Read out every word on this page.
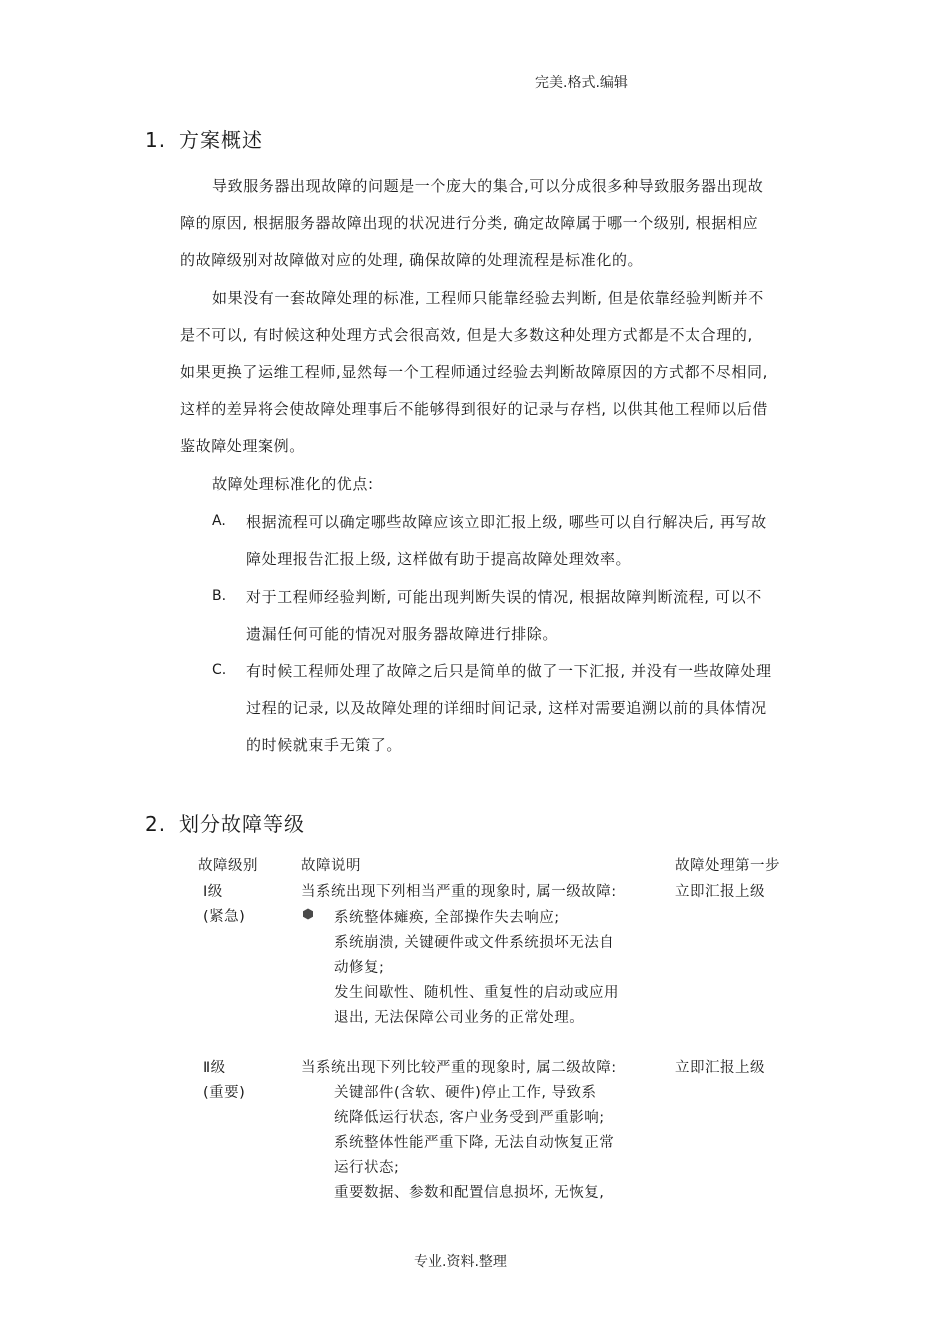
完美.格式.编辑
1. 方案概述
导致服务器出现故障的问题是一个庞大的集合,可以分成很多种导致服务器出现故
障的原因, 根据服务器故障出现的状况进行分类, 确定故障属于哪一个级别, 根据相应
的故障级别对故障做对应的处理, 确保故障的处理流程是标准化的。
如果没有一套故障处理的标准, 工程师只能靠经验去判断, 但是依靠经验判断并不
是不可以, 有时候这种处理方式会很高效, 但是大多数这种处理方式都是不太合理的,
如果更换了运维工程师,显然每一个工程师通过经验去判断故障原因的方式都不尽相同,
这样的差异将会使故障处理事后不能够得到很好的记录与存档, 以供其他工程师以后借
鉴故障处理案例。
故障处理标准化的优点:
A. 根据流程可以确定哪些故障应该立即汇报上级, 哪些可以自行解决后, 再写故
障处理报告汇报上级, 这样做有助于提高故障处理效率。
B. 对于工程师经验判断, 可能出现判断失误的情况, 根据故障判断流程, 可以不
遗漏任何可能的情况对服务器故障进行排除。
C. 有时候工程师处理了故障之后只是简单的做了一下汇报, 并没有一些故障处理
过程的记录, 以及故障处理的详细时间记录, 这样对需要追溯以前的具体情况
的时候就束手无策了。
2. 划分故障等级
故障级别	故障说明	故障处理第一步
Ⅰ级
(紧急)
当系统出现下列相当严重的现象时, 属一级故障:	立即汇报上级
系统整体瘫痪, 全部操作失去响应;
系统崩溃, 关键硬件或文件系统损坏无法自
动修复;
发生间歇性、随机性、重复性的启动或应用
退出, 无法保障公司业务的正常处理。
Ⅱ级
(重要)
当系统出现下列比较严重的现象时, 属二级故障:	立即汇报上级
关键部件(含软、硬件)停止工作, 导致系
统降低运行状态, 客户业务受到严重影响;
系统整体性能严重下降, 无法自动恢复正常
运行状态;
重要数据、参数和配置信息损坏, 无恢复,
专业.资料.整理
